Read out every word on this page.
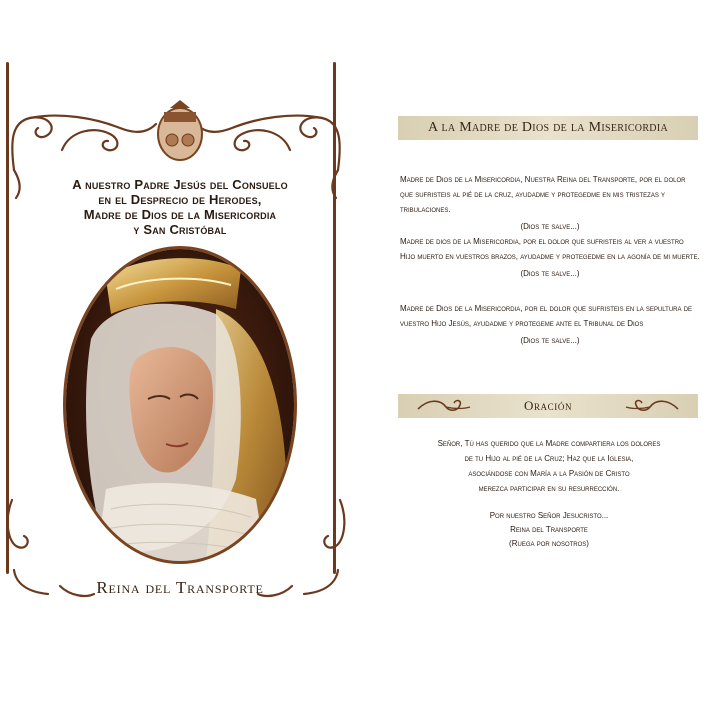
A nuestro Padre Jesús del Consuelo
en el Desprecio de Herodes,
Madre de Dios de la Misericordia
y San Cristóbal
Reina del Transporte
A la Madre de Dios de la Misericordia
Madre de Dios de la Misericordia, Nuestra Reina del Transporte, por el dolor que sufristeis al pié de la cruz, ayudadme y protegedme en mis tristezas y tribulaciones.
(Dios te salve...)
Madre de dios de la Misericordia, por el dolor que sufristeis al ver a vuestro Hijo muerto en vuestros brazos, ayudadme y protegedme en la agonía de mi muerte.
(Dios te salve...)
Madre de Dios de la Misericordia, por el dolor que sufristeis en la sepultura de vuestro Hijo Jesús, ayudadme y protegeme ante el Tribunal de Dios
(Dios te salve...)
Oración
Señor, Tú has querido que la Madre compartiera los dolores
de tu Hijo al pié de la Cruz; Haz que la Iglesia,
asociándose con María a la Pasión de Cristo
merezca participar en su resurrección.
Por nuestro Señor Jesucristo...
Reina del Transporte
(Ruega por nosotros)
